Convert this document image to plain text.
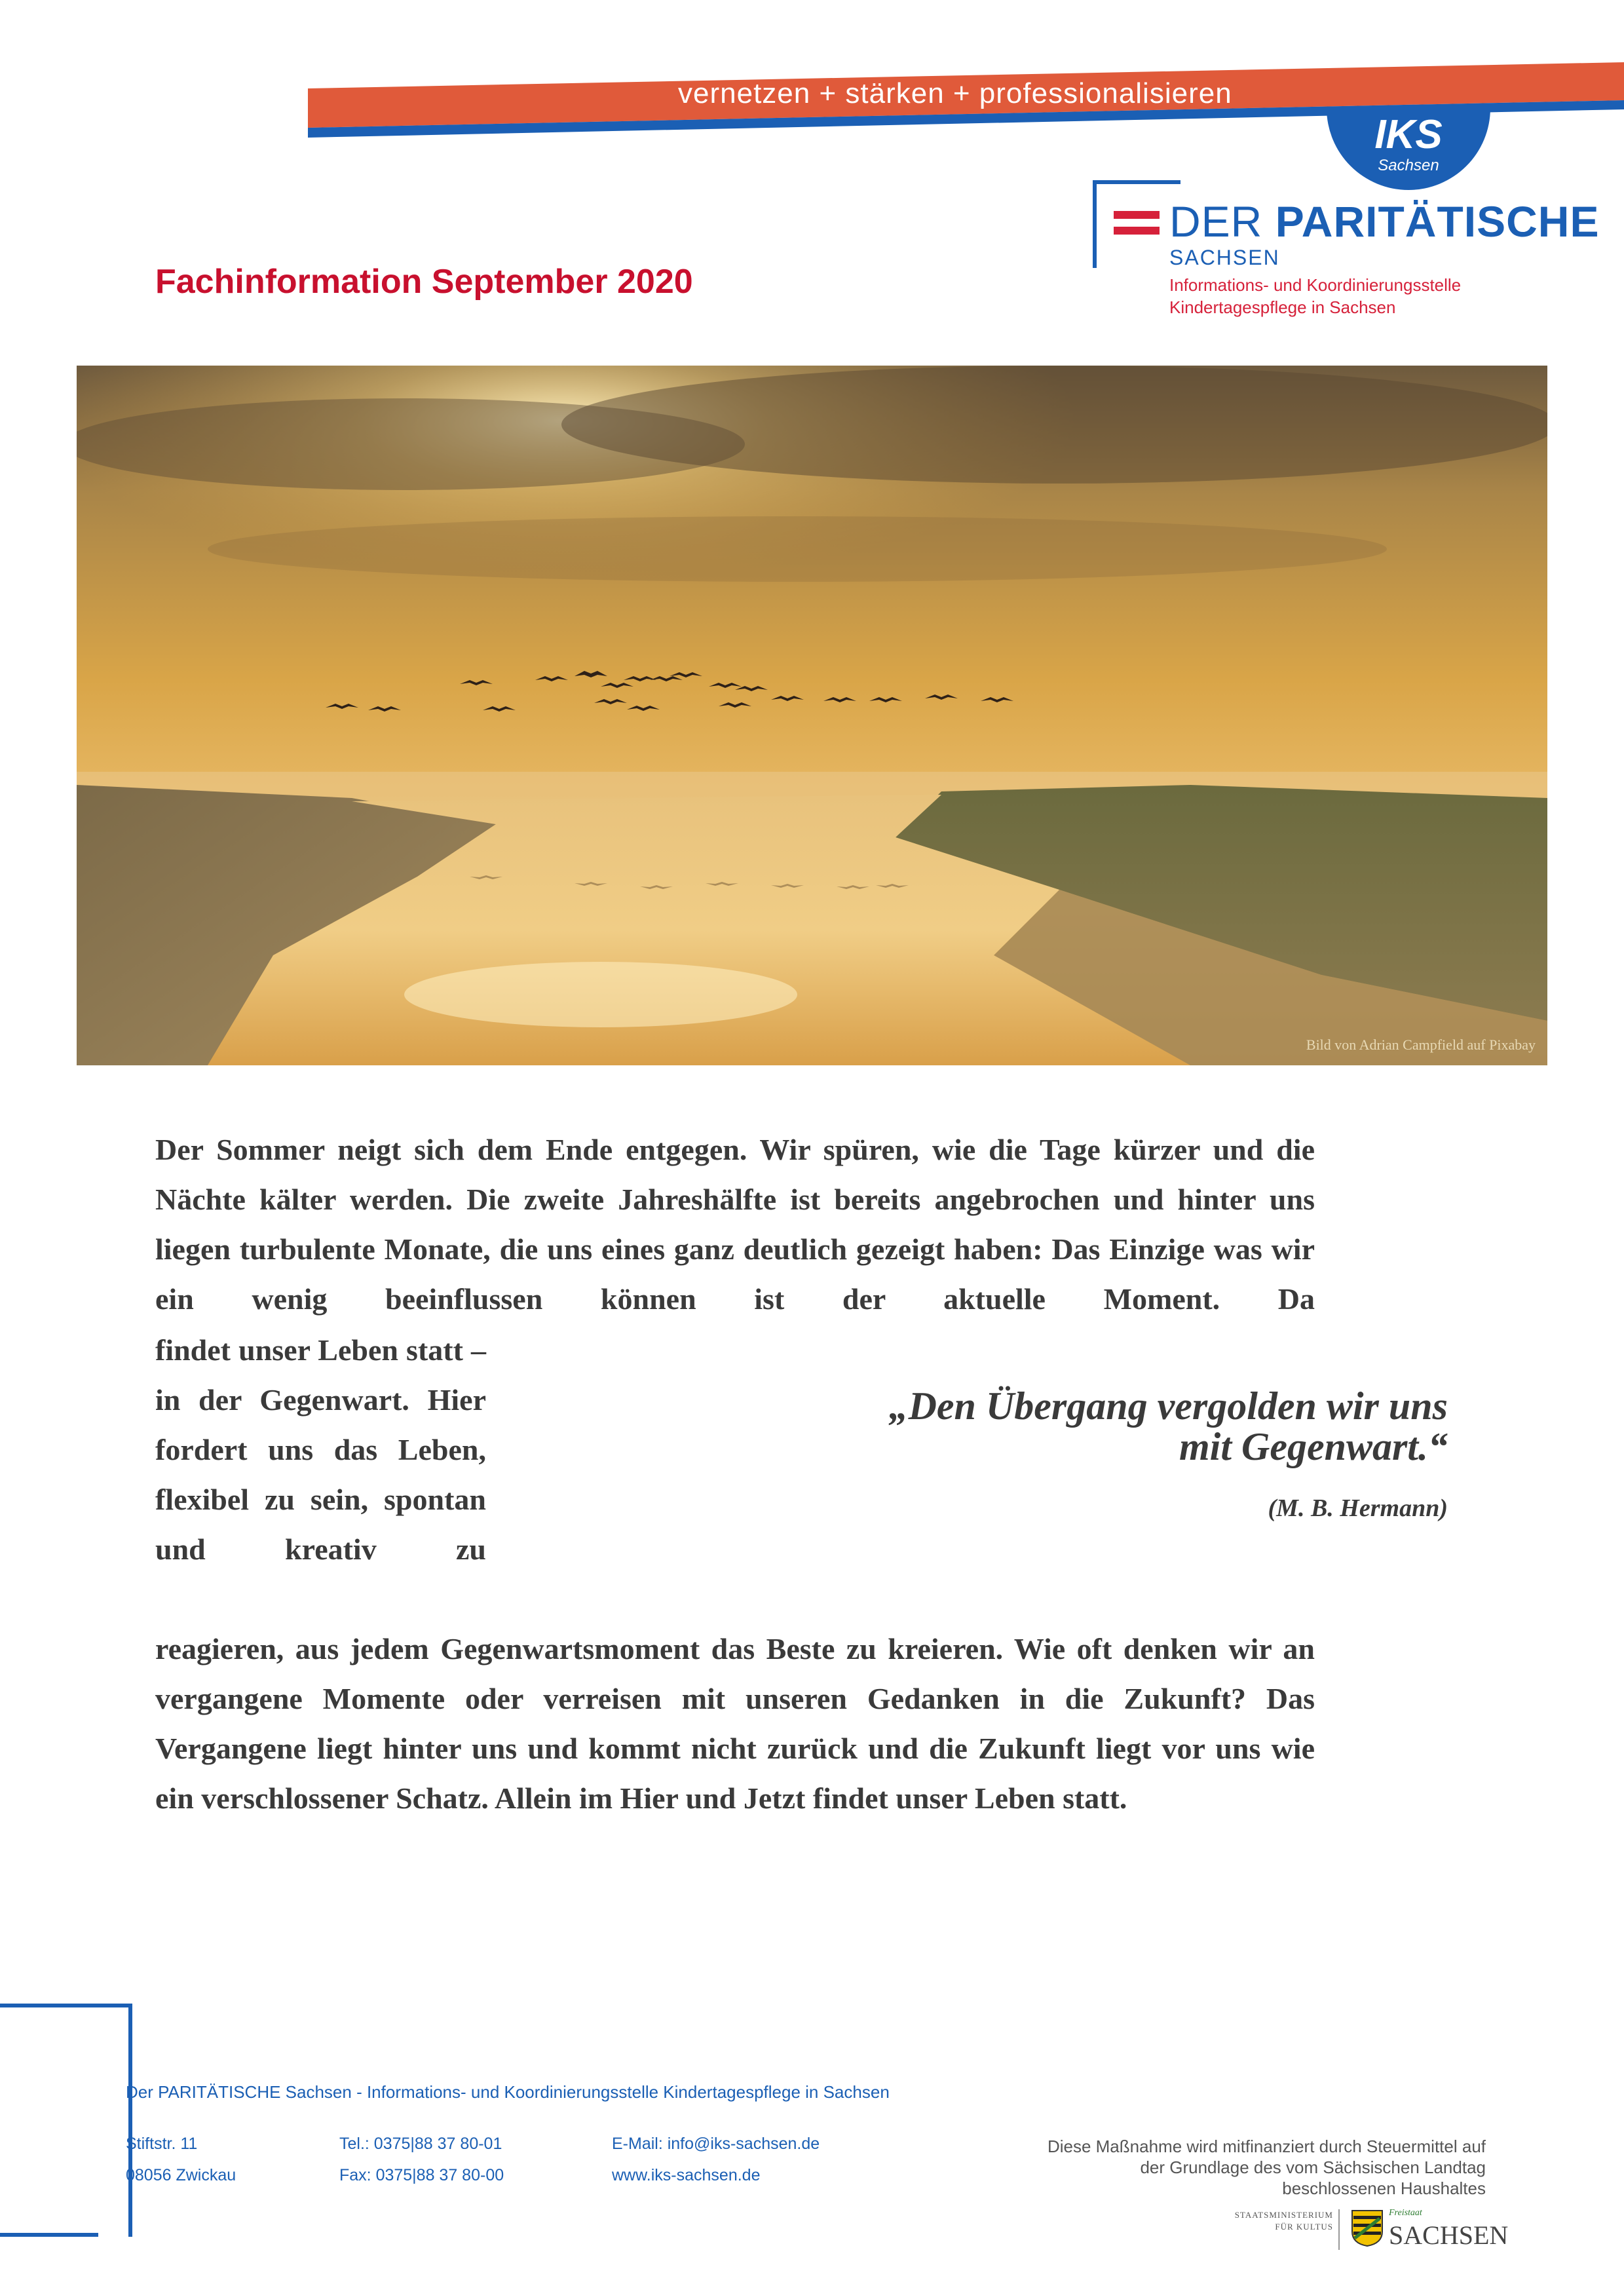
vernetzen + stärken + professionalisieren
IKS
Sachsen
DER PARITÄTISCHE
SACHSEN
Informations- und Koordinierungsstelle
Kindertagespflege in Sachsen
Fachinformation September 2020
Bild von Adrian Campfield auf Pixabay
Der Sommer neigt sich dem Ende entgegen. Wir spüren, wie die Tage kürzer und die Nächte kälter werden. Die zweite Jahreshälfte ist bereits angebrochen und hinter uns liegen turbulente Monate, die uns eines ganz deutlich gezeigt haben: Das Einzige was wir ein wenig beeinflussen können ist der aktuelle Moment. Da
findet unser Leben statt – in der Gegenwart. Hier fordert uns das Leben, flexibel zu sein, spontan und kreativ zu
„Den Übergang vergolden wir uns
mit Gegenwart.“
(M. B. Hermann)
reagieren, aus jedem Gegenwartsmoment das Beste zu kreieren. Wie oft denken wir an vergangene Momente oder verreisen mit unseren Gedanken in die Zukunft? Das Vergangene liegt hinter uns und kommt nicht zurück und die Zukunft liegt vor uns wie ein verschlossener Schatz. Allein im Hier und Jetzt findet unser Leben statt.
Der PARITÄTISCHE Sachsen - Informations- und Koordinierungsstelle Kindertagespflege in Sachsen
Stiftstr. 11
08056 Zwickau
Tel.: 0375|88 37 80-01
Fax: 0375|88 37 80-00
E-Mail: info@iks-sachsen.de
www.iks-sachsen.de
Diese Maßnahme wird mitfinanziert durch Steuermittel auf
der Grundlage des vom Sächsischen Landtag
beschlossenen Haushaltes
STAATSMINISTERIUM
FÜR KULTUS
Freistaat
SACHSEN
